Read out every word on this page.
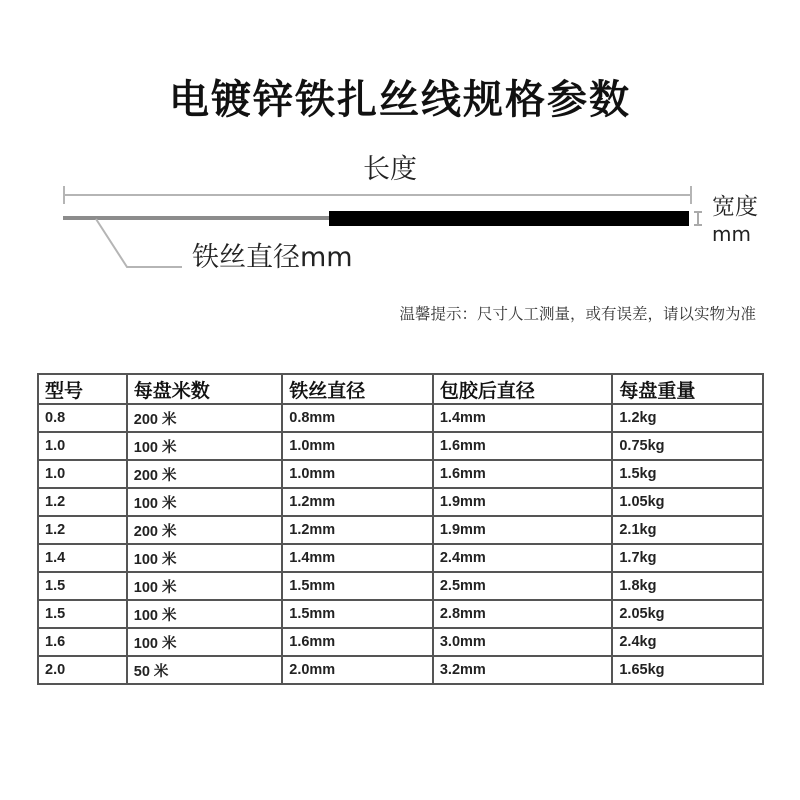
电镀锌铁扎丝线规格参数
长度
宽度
mm
铁丝直径mm
温馨提示：尺寸人工测量，或有误差，请以实物为准
型号	每盘米数	铁丝直径	包胶后直径	每盘重量
0.8	200 米	0.8mm	1.4mm	1.2kg
1.0	100 米	1.0mm	1.6mm	0.75kg
1.0	200 米	1.0mm	1.6mm	1.5kg
1.2	100 米	1.2mm	1.9mm	1.05kg
1.2	200 米	1.2mm	1.9mm	2.1kg
1.4	100 米	1.4mm	2.4mm	1.7kg
1.5	100 米	1.5mm	2.5mm	1.8kg
1.5	100 米	1.5mm	2.8mm	2.05kg
1.6	100 米	1.6mm	3.0mm	2.4kg
2.0	50 米	2.0mm	3.2mm	1.65kg
